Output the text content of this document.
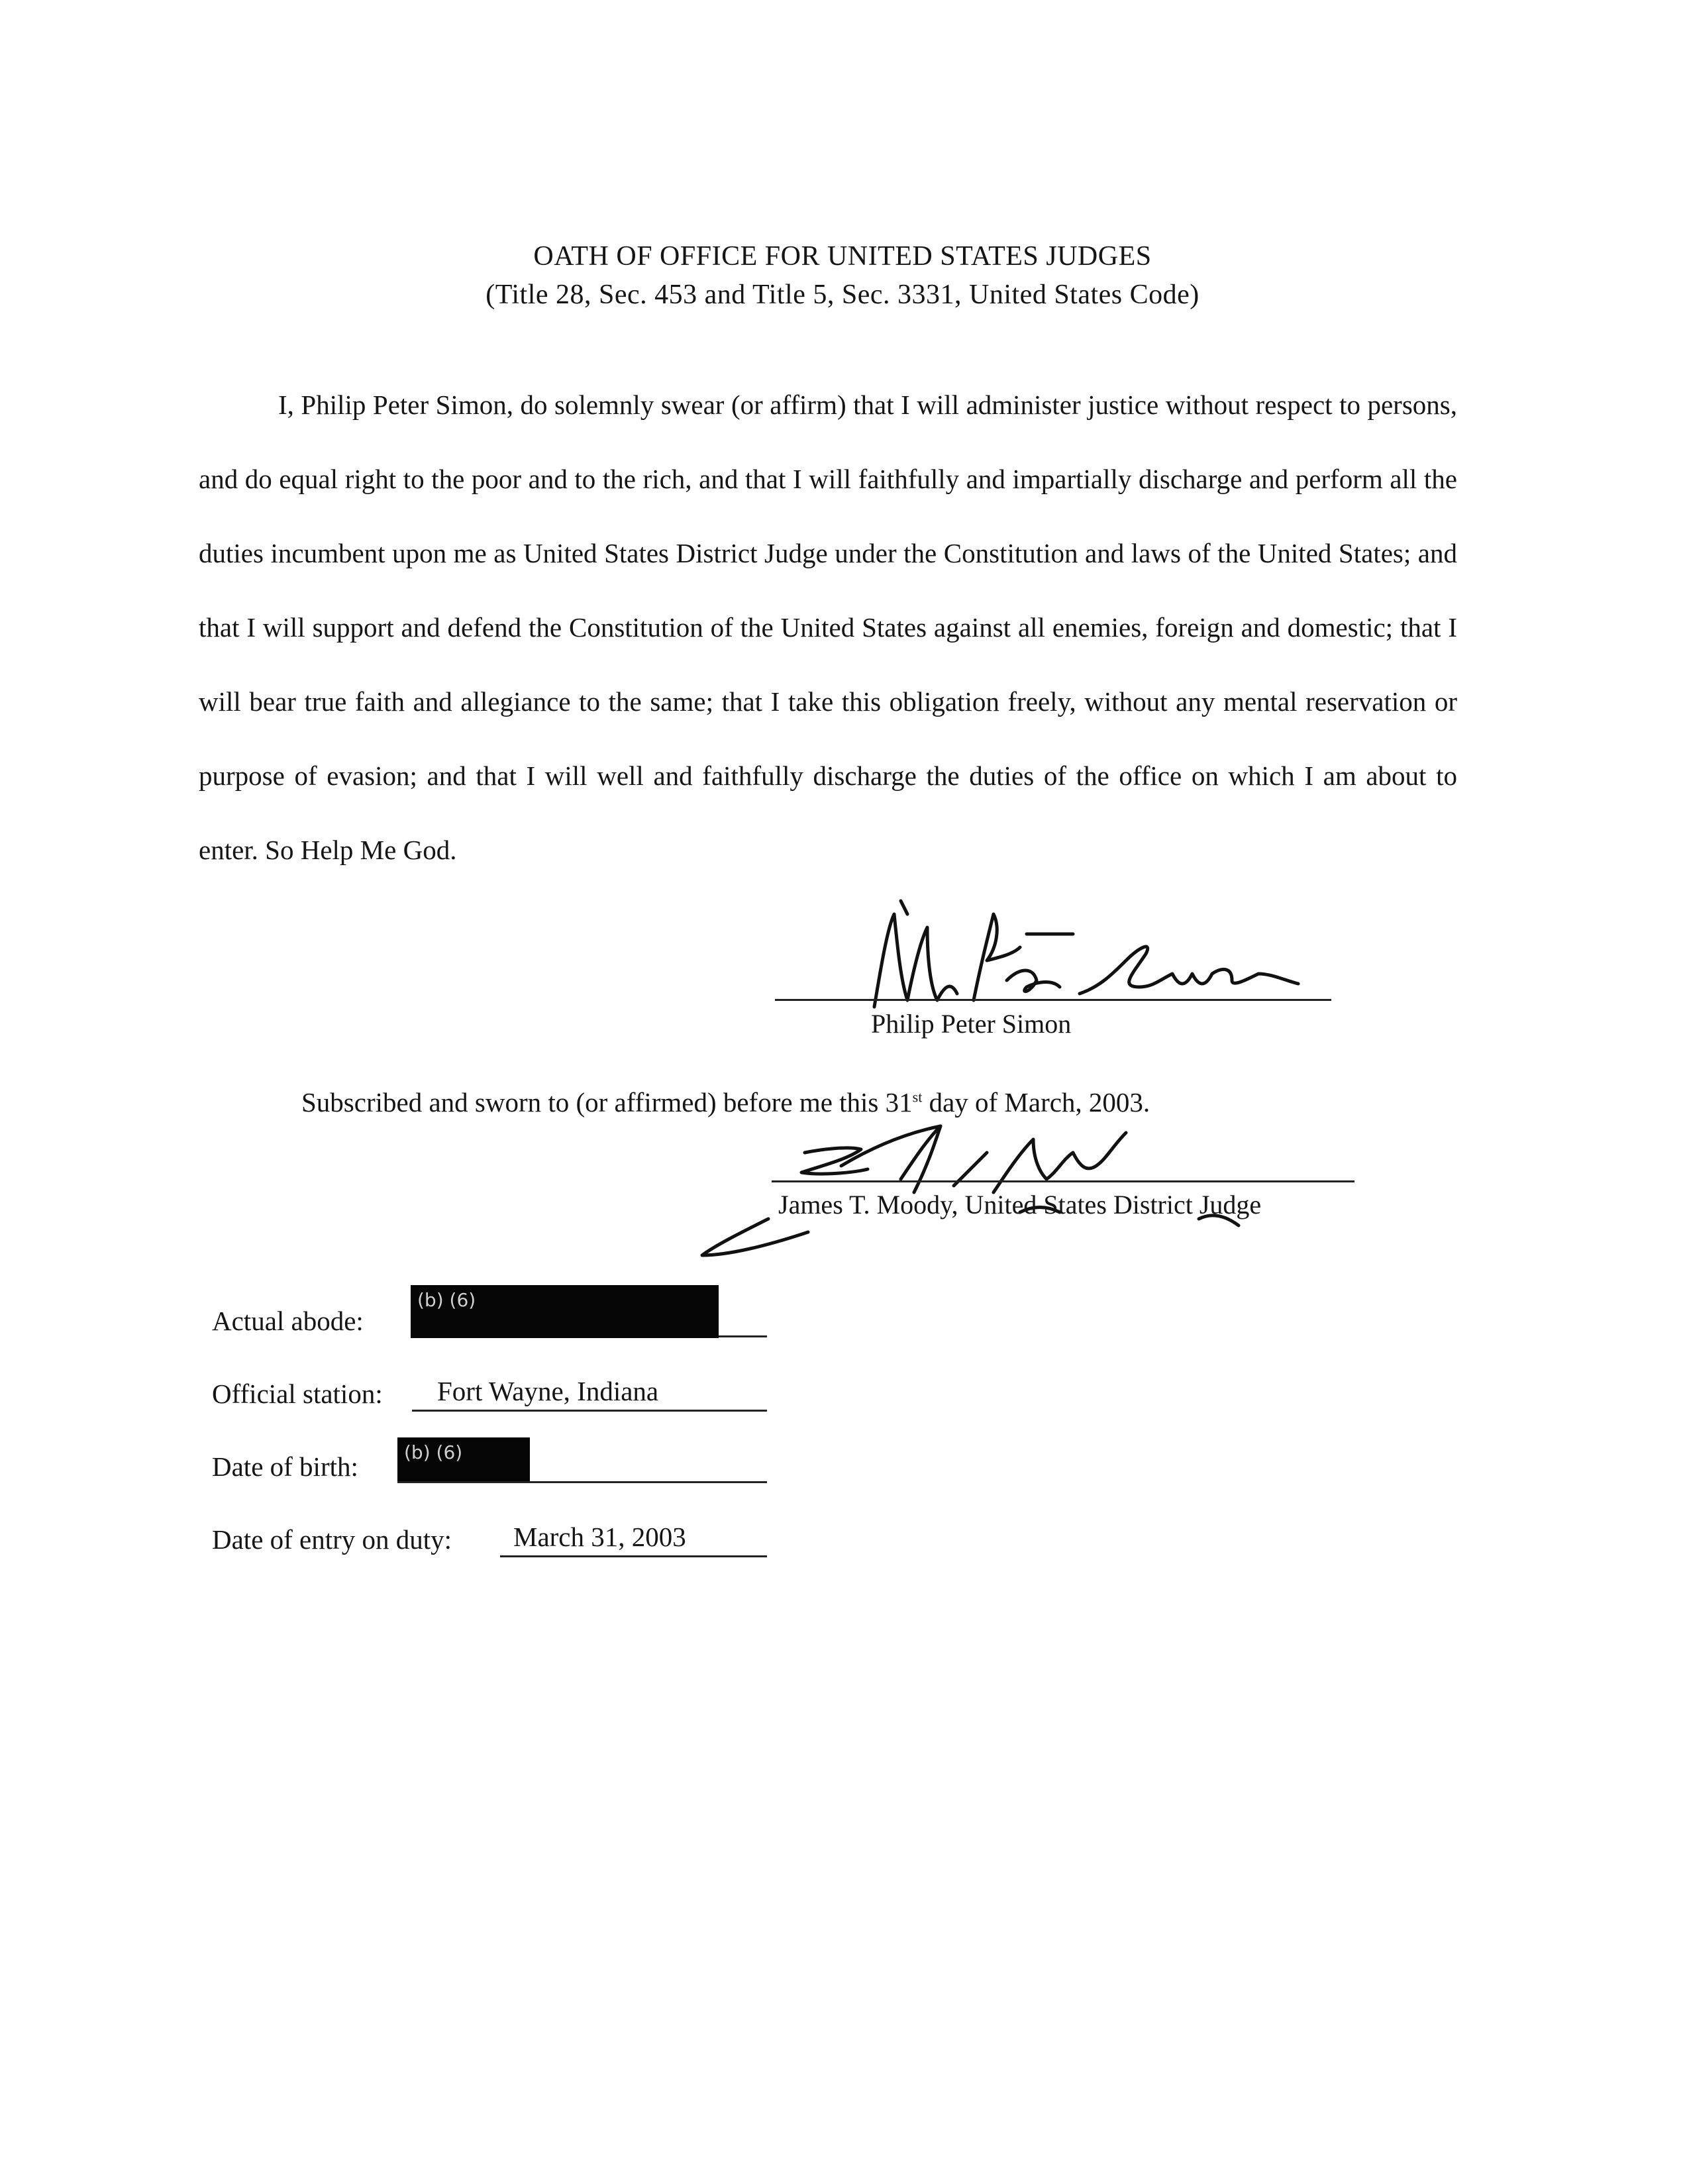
OATH OF OFFICE FOR UNITED STATES JUDGES
(Title 28, Sec. 453 and Title 5, Sec. 3331, United States Code)
I, Philip Peter Simon, do solemnly swear (or affirm) that I will administer justice without respect to persons, and do equal right to the poor and to the rich, and that I will faithfully and impartially discharge and perform all the duties incumbent upon me as United States District Judge under the Constitution and laws of the United States; and that I will support and defend the Constitution of the United States against all enemies, foreign and domestic; that I will bear true faith and allegiance to the same; that I take this obligation freely, without any mental reservation or purpose of evasion; and that I will well and faithfully discharge the duties of the office on which I am about to enter. So Help Me God.
Philip Peter Simon
Subscribed and sworn to (or affirmed) before me this 31st day of March, 2003.
James T. Moody, United States District Judge
Actual abode:
(b) (6)
Official station: Fort Wayne, Indiana
Date of birth:	(b) (6)
Date of entry on duty: March 31, 2003
